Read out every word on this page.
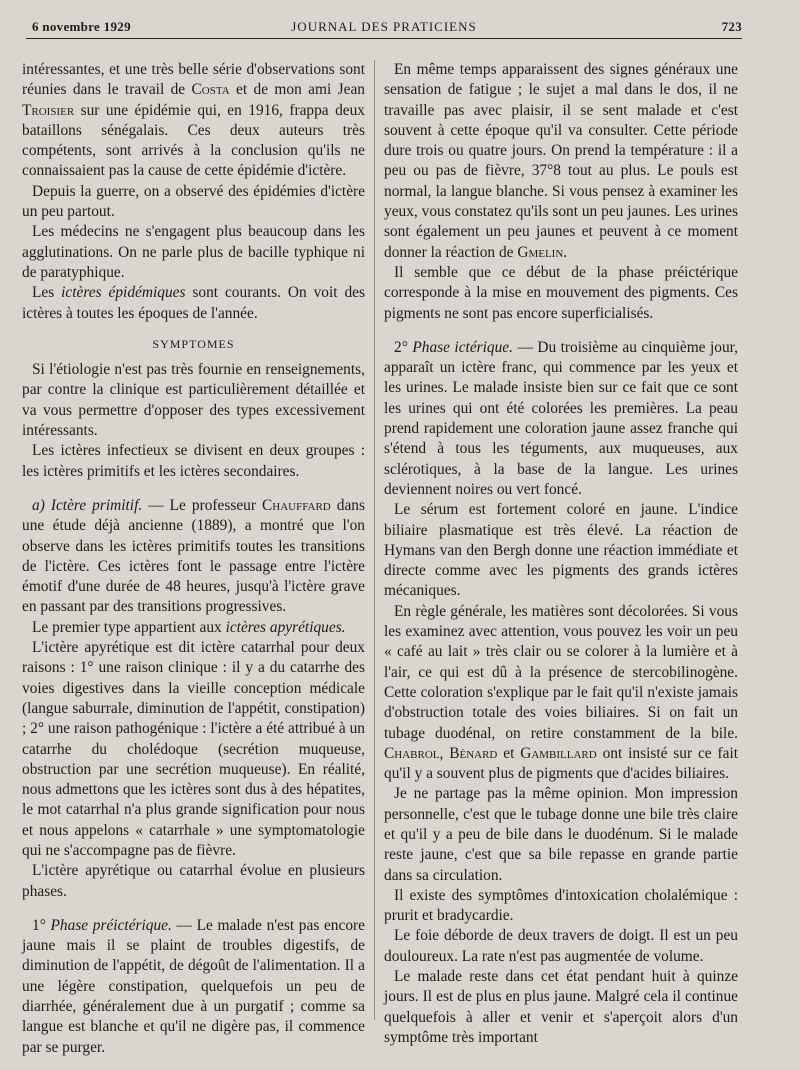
6 novembre 1929	JOURNAL DES PRATICIENS	723

intéressantes, et une très belle série d'observations sont réunies dans le travail de Costa et de mon ami Jean Troisier sur une épidémie qui, en 1916, frappa deux bataillons sénégalais. Ces deux auteurs très compétents, sont arrivés à la conclusion qu'ils ne connaissaient pas la cause de cette épidémie d'ictère.

Depuis la guerre, on a observé des épidémies d'ictère un peu partout.

Les médecins ne s'engagent plus beaucoup dans les agglutinations. On ne parle plus de bacille typhique ni de paratyphique.

Les ictères épidémiques sont courants. On voit des ictères à toutes les époques de l'année.

SYMPTOMES

Si l'étiologie n'est pas très fournie en renseignements, par contre la clinique est particulièrement détaillée et va vous permettre d'opposer des types excessivement intéressants.

Les ictères infectieux se divisent en deux groupes : les ictères primitifs et les ictères secondaires.

a) Ictère primitif. — Le professeur Chauffard dans une étude déjà ancienne (1889), a montré que l'on observe dans les ictères primitifs toutes les transitions de l'ictère. Ces ictères font le passage entre l'ictère émotif d'une durée de 48 heures, jusqu'à l'ictère grave en passant par des transitions progressives.

Le premier type appartient aux ictères apyrétiques.

L'ictère apyrétique est dit ictère catarrhal pour deux raisons : 1° une raison clinique : il y a du catarrhe des voies digestives dans la vieille conception médicale (langue saburrale, diminution de l'appétit, constipation) ; 2° une raison pathogénique : l'ictère a été attribué à un catarrhe du cholédoque (secrétion muqueuse, obstruction par une secrétion muqueuse). En réalité, nous admettons que les ictères sont dus à des hépatites, le mot catarrhal n'a plus grande signification pour nous et nous appelons « catarrhale » une symptomatologie qui ne s'accompagne pas de fièvre.

L'ictère apyrétique ou catarrhal évolue en plusieurs phases.

1° Phase préictérique. — Le malade n'est pas encore jaune mais il se plaint de troubles digestifs, de diminution de l'appétit, de dégoût de l'alimentation. Il a une légère constipation, quelquefois un peu de diarrhée, généralement due à un purgatif ; comme sa langue est blanche et qu'il ne digère pas, il commence par se purger.

En même temps apparaissent des signes généraux une sensation de fatigue ; le sujet a mal dans le dos, il ne travaille pas avec plaisir, il se sent malade et c'est souvent à cette époque qu'il va consulter. Cette période dure trois ou quatre jours. On prend la température : il a peu ou pas de fièvre, 37°8 tout au plus. Le pouls est normal, la langue blanche. Si vous pensez à examiner les yeux, vous constatez qu'ils sont un peu jaunes. Les urines sont également un peu jaunes et peuvent à ce moment donner la réaction de Gmelin.

Il semble que ce début de la phase préictérique corresponde à la mise en mouvement des pigments. Ces pigments ne sont pas encore superficialisés.

2° Phase ictérique. — Du troisième au cinquième jour, apparaît un ictère franc, qui commence par les yeux et les urines. Le malade insiste bien sur ce fait que ce sont les urines qui ont été colorées les premières. La peau prend rapidement une coloration jaune assez franche qui s'étend à tous les téguments, aux muqueuses, aux sclérotiques, à la base de la langue. Les urines deviennent noires ou vert foncé.

Le sérum est fortement coloré en jaune. L'indice biliaire plasmatique est très élevé. La réaction de Hymans van den Bergh donne une réaction immédiate et directe comme avec les pigments des grands ictères mécaniques.

En règle générale, les matières sont décolorées. Si vous les examinez avec attention, vous pouvez les voir un peu « café au lait » très clair ou se colorer à la lumière et à l'air, ce qui est dû à la présence de stercobilinogène. Cette coloration s'explique par le fait qu'il n'existe jamais d'obstruction totale des voies biliaires. Si on fait un tubage duodénal, on retire constamment de la bile. Chabrol, Bénard et Gambillard ont insisté sur ce fait qu'il y a souvent plus de pigments que d'acides biliaires.

Je ne partage pas la même opinion. Mon impression personnelle, c'est que le tubage donne une bile très claire et qu'il y a peu de bile dans le duodénum. Si le malade reste jaune, c'est que sa bile repasse en grande partie dans sa circulation.

Il existe des symptômes d'intoxication cholalémique : prurit et bradycardie.

Le foie déborde de deux travers de doigt. Il est un peu douloureux. La rate n'est pas augmentée de volume.

Le malade reste dans cet état pendant huit à quinze jours. Il est de plus en plus jaune. Malgré cela il continue quelquefois à aller et venir et s'aperçoit alors d'un symptôme très important
